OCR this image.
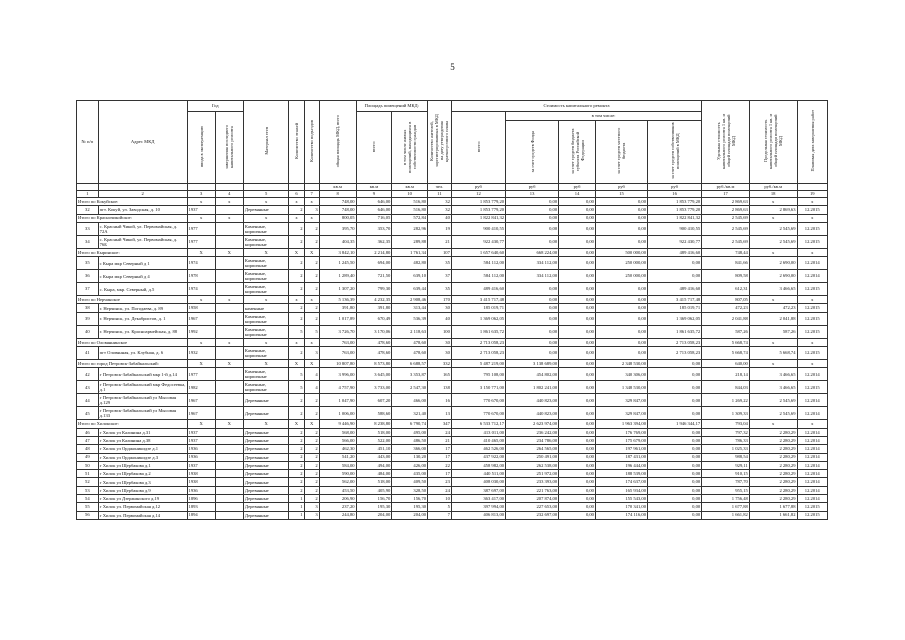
5
№ п/п	Адрес МКД	Год		Материал стен	Количество этажей	Количество подъездов	общая площадь МКД, всего	Площадь помещений МКД:		Количество жителей, зарегистрированных в МКД на дату утверждения краткосрочного плана	Стоимость капитального ремонта					Удельная стоимость капитального ремонта 1 кв. м общей площади помещений МКД	Предельная стоимость капитального ремонта 1 кв. м общей площади помещений МКД	Плановая дата завершения работ
		ввода в эксплуатацию	завершения последнего капитального ремонта					всего:	в том числе жилых помещений, находящихся в собственности граждан		всего:	в том числе:						
												за счет средств Фонда	за счет средств бюджета субъекта Российской Федерации	за счет средств местного бюджета	за счет средств собственников помещений в МКД			
							кв.м	кв.м	кв.м	чел.	руб	руб	руб	руб	руб	руб./кв.м	руб./кв.м	
1	2	3	4	5	6	7	8	9	10	11	12	13	14	15	16	17	18	19
Итого по Кокуйское:		x	x	x	x	x	748,00	646,00	516,80	32	1 853 779,20	0,00	0,00	0,00	1 853 779,20	2 869,63	x	x
32	пгт. Кокуй, ул. Заводская, д. 10	1937		Деревянные	2	3	748,00	646,00	516,80	32	1 853 779,20	0,00	0,00	0,00	1 853 779,20	2 869,63	2 869,63	12.2015
Итого по Красночикойское:		x	x	x	x	x	800,05	716,05	572,84	40	1 822 841,32	0,00	0,00	0,00	1 822 841,32	2 545,69	x	x
33	с. Красный Чикой, ул. Первомайская, д. 72А	1977		Каменные, кирпичные	2	2	395,70	353,70	282,96	19	900 410,55	0,00	0,00	0,00	900 410,55	2 545,69	2 545,69	12.2015
34	с. Красный Чикой, ул. Первомайская, д. 76Б	1977		Каменные, кирпичные	2	2	404,35	362,35	289,88	21	922 430,77	0,00	0,00	0,00	922 430,77	2 545,69	2 545,69	12.2015
Итого по Кыринское:		X	X	X	X	X	3 842,10	2 214,80	1 761,34	107	1 657 640,60	668 224,00	0,00	500 000,00	489 416,60	748,44	x	x
35	с Кыра мкр Северный д 1	1974		Каменные, кирпичные	2	2	1 245,50	694,00	482,80	35	584 112,00	334 112,00	0,00	250 000,00	0,00	841,66	2 690,00	12.2014
36	с Кыра мкр Северный д 4	1978		Каменные, кирпичные	2	2	1 289,40	721,50	639,10	37	584 112,00	334 112,00	0,00	250 000,00	0,00	809,58	2 690,00	12.2014
37	с. Кыра, мкр. Северный, д.5	1974		Каменные, кирпичные	2	2	1 307,20	799,30	639,44	35	489 416,60	0,00	0,00	0,00	489 416,60	612,31	3 466,65	12.2015
Итого по Нерчинское		x	x	x	x	x	5 136,39	4 232,35	2 908,46	170	3 415 717,48	0,00	0,00	0,00	3 415 717,48	807,05	x	x
38	г. Нерчинск, ул. Погодаева, д. 89	1958		каменные	2	2	391,80	391,80	313,44	30	185 019,71	0,00	0,00	0,00	185 019,71	472,23	472,23	12.2015
39	г. Нерчинск, ул. Декабристов, д. 1	1967		Каменные, кирпичные	2	2	1 017,89	670,49	536,39	40	1 369 062,05	0,00	0,00	0,00	1 369 062,05	2 041,88	2 041,88	12.2015
40	г. Нерчинск, ул. Красноармейская, д. 88	1992		Каменные, кирпичные	5	5	3 726,70	3 170,06	2 118,63	100	1 861 635,72	0,00	0,00	0,00	1 861 635,72	587,26	587,26	12.2015
Итого по Оловяннинское		x	x	x	x	x	763,00	478,60	478,60	30	2 713 058,23	0,00	0,00	0,00	2 713 058,23	5 668,74	x	x
41	пгт Оловянная, ул. Клубная, д. 6	1932		Каменные, кирпичные	2	3	763,00	478,60	478,60	30	2 713 058,23	0,00	0,00	0,00	2 713 058,23	5 668,74	5 668,74	12.2015
Итого по город Петровск-Забайкальский:		X	X	X	X	X	10 807,80	8 573,80	6 688,57	332	5 487 219,00	3 138 689,00	0,00	2 348 530,00	0,00	640,00	x	x
42	г Петровск-Забайкальский мкр 1-й д.14	1977		Каменные, кирпичные	5	4	3 996,00	3 645,00	3 353,87	165	795 108,00	454 802,00	0,00	340 306,00	0,00	218,14	3 466,65	12.2014
43	г Петровск-Забайкальский мкр Федосеевка, д.1	1982		Каменные, кирпичные	5	4	4 757,90	3 733,00	2 547,30	138	3 150 771,00	1 802 241,00	0,00	1 348 530,00	0,00	844,03	3 466,65	12.2015
44	г Петровск-Забайкальский ул Мысовая д.129	1967		Деревянные	2	2	1 047,90	607,20	466,00	16	770 670,00	440 823,00	0,00	329 847,00	0,00	1 269,22	2 545,69	12.2014
45	г Петровск-Забайкальский ул Мысовая д.133	1967		Деревянные	2	2	1 006,00	588,60	321,40	13	770 670,00	440 823,00	0,00	329 847,00	0,00	1 309,33	2 545,69	12.2014
Итого по Хилокское:		X	X	X	X	X	9 446,90	8 238,80	6 790,74	347	6 533 712,17	2 623 974,00	0,00	1 963 394,00	1 946 344,17	793,04	x	x
46	г Хилок ул Калинина д.31	1937		Деревянные	2	2	568,00	518,00	495,00	24	413 011,00	236 242,00	0,00	176 769,00	0,00	797,32	2 280,29	12.2014
47	г Хилок ул Калинина д.38	1937		Деревянные	2	2	566,00	522,00	486,50	21	410 465,00	234 786,00	0,00	175 679,00	0,00	786,33	2 280,29	12.2014
48	г Хилок ул Орджоникидзе д.1	1936		Деревянные	2	2	462,30	451,10	366,00	17	462 526,00	264 565,00	0,00	197 961,00	0,00	1 025,33	2 280,29	12.2014
49	г Хилок ул Орджоникидзе д.3	1936		Деревянные	2	2	541,20	443,00	130,20	17	437 922,00	250 491,00	0,00	187 431,00	0,00	988,54	2 280,29	12.2014
50	г Хилок ул Щербакова д.1	1937		Деревянные	2	2	584,00	494,00	426,00	22	458 982,00	262 538,00	0,00	196 444,00	0,00	929,11	2 280,29	12.2014
51	г Хилок ул Щербакова д.2	1938		Деревянные	2	2	590,00	484,00	435,00	17	440 511,00	251 972,00	0,00	188 539,00	0,00	910,15	2 280,29	12.2014
52	г Хилок ул Щербакова д.3	1938		Деревянные	2	2	562,00	518,00	409,50	23	408 030,00	233 393,00	0,00	174 637,00	0,00	787,70	2 280,29	12.2014
53	г Хилок ул Щербакова д.9	1936		Деревянные	2	2	453,50	405,90	328,50	24	387 697,00	221 763,00	0,00	165 934,00	0,00	955,15	2 280,29	12.2014
54	г Хилок ул Дзержинского д.19	1896		Деревянные	1	2	206,90	156,70	156,70	10	363 417,00	207 874,00	0,00	155 543,00	0,00	1 756,48	2 280,29	12.2014
55	г Хилок ул. Первомайская д.12	1893		Деревянные	1	3	237,20	195,30	195,30	5	397 994,00	227 653,00	0,00	170 341,00	0,00	1 677,88	1 677,88	12.2015
56	г Хилок ул. Первомайская д.14	1894		Деревянные	1	3	244,80	204,00	204,00	7	406 813,00	232 697,00	0,00	174 116,00	0,00	1 661,82	1 661,82	12.2015
